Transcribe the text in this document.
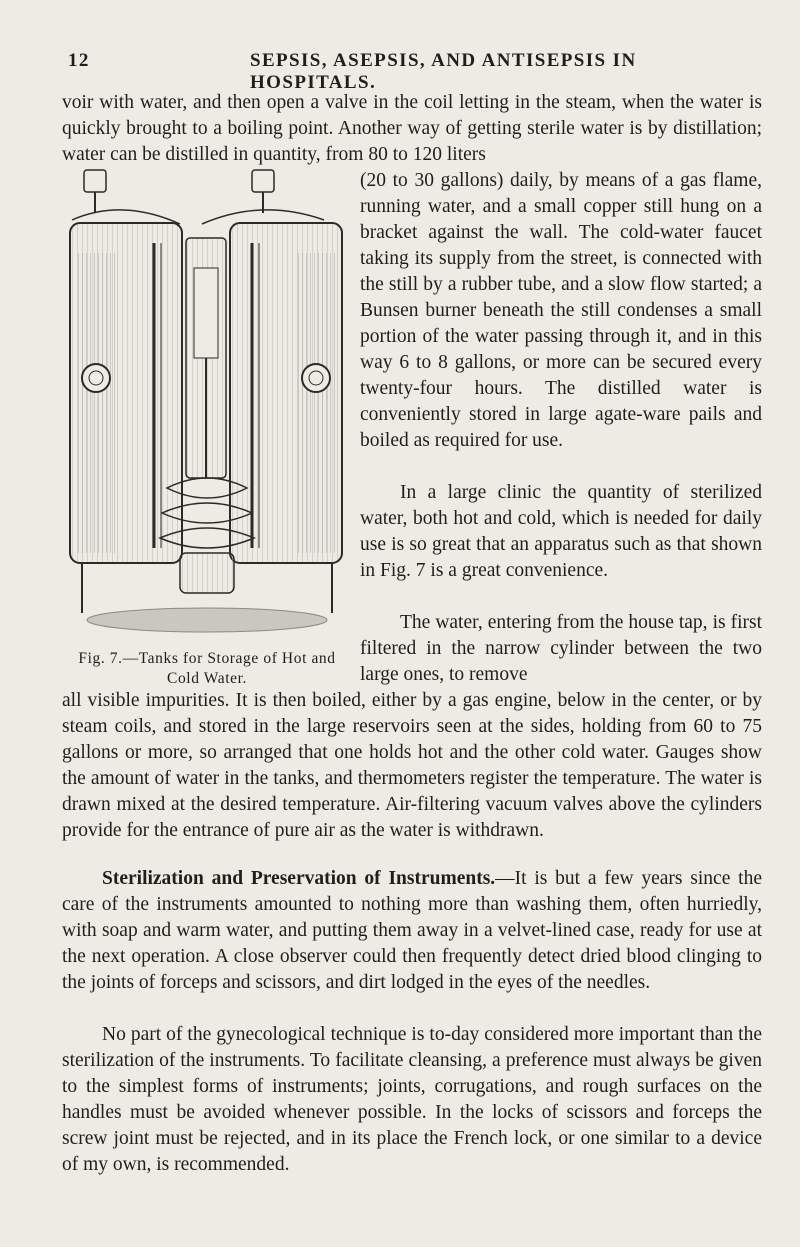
12	SEPSIS, ASEPSIS, AND ANTISEPSIS IN HOSPITALS.

voir with water, and then open a valve in the coil letting in the steam, when the water is quickly brought to a boiling point. Another way of getting sterile water is by distillation; water can be distilled in quantity, from 80 to 120 liters

(20 to 30 gallons) daily, by means of a gas flame, running water, and a small copper still hung on a bracket against the wall. The cold-water faucet taking its supply from the street, is connected with the still by a rubber tube, and a slow flow started; a Bunsen burner beneath the still condenses a small portion of the water passing through it, and in this way 6 to 8 gallons, or more can be secured every twenty-four hours. The distilled water is conveniently stored in large agate-ware pails and boiled as required for use.

In a large clinic the quantity of sterilized water, both hot and cold, which is needed for daily use is so great that an apparatus such as that shown in Fig. 7 is a great convenience.

The water, entering from the house tap, is first filtered in the narrow cylinder between the two large ones, to remove

Fig. 7.—Tanks for Storage of Hot and Cold Water.

all visible impurities. It is then boiled, either by a gas engine, below in the center, or by steam coils, and stored in the large reservoirs seen at the sides, holding from 60 to 75 gallons or more, so arranged that one holds hot and the other cold water. Gauges show the amount of water in the tanks, and thermometers register the temperature. The water is drawn mixed at the desired temperature. Air-filtering vacuum valves above the cylinders provide for the entrance of pure air as the water is withdrawn.

Sterilization and Preservation of Instruments.—It is but a few years since the care of the instruments amounted to nothing more than washing them, often hurriedly, with soap and warm water, and putting them away in a velvet-lined case, ready for use at the next operation. A close observer could then frequently detect dried blood clinging to the joints of forceps and scissors, and dirt lodged in the eyes of the needles.

No part of the gynecological technique is to-day considered more important than the sterilization of the instruments. To facilitate cleansing, a preference must always be given to the simplest forms of instruments; joints, corrugations, and rough surfaces on the handles must be avoided whenever possible. In the locks of scissors and forceps the screw joint must be rejected, and in its place the French lock, or one similar to a device of my own, is recommended.
